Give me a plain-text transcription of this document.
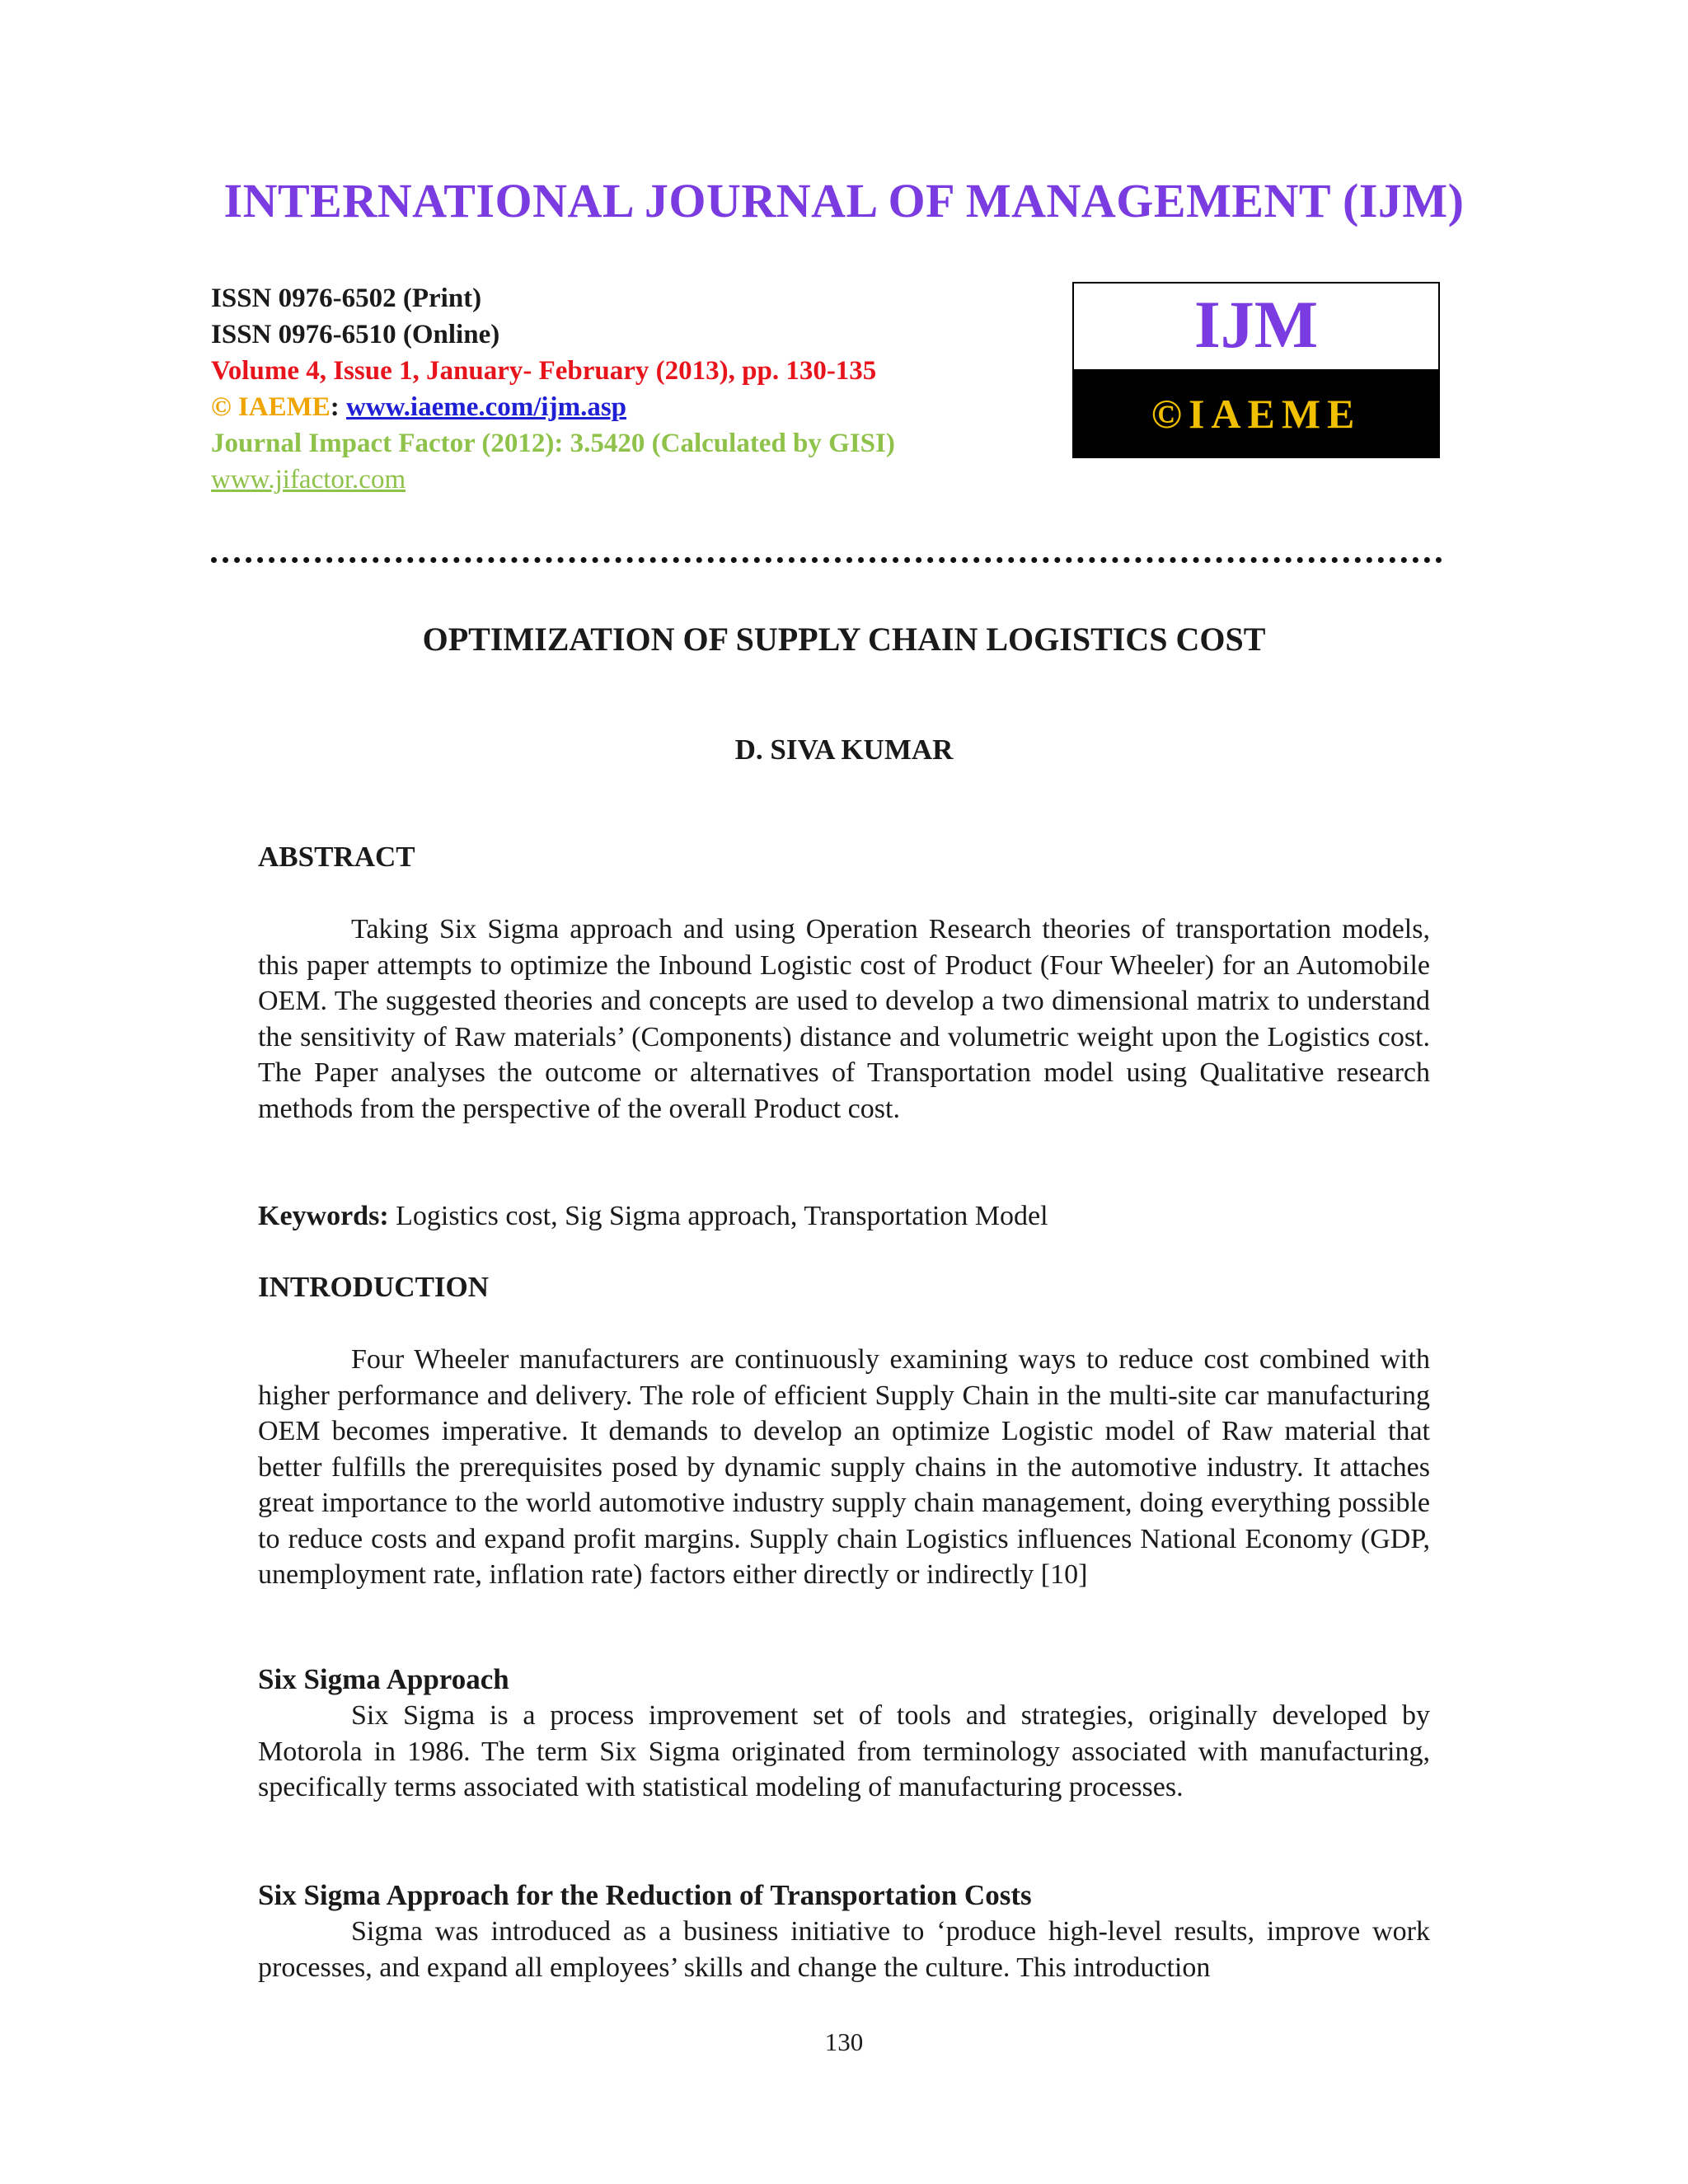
INTERNATIONAL JOURNAL OF MANAGEMENT (IJM)
ISSN 0976-6502 (Print)
ISSN 0976-6510 (Online)
Volume 4, Issue 1, January- February (2013), pp. 130-135
© IAEME: www.iaeme.com/ijm.asp
Journal Impact Factor (2012): 3.5420 (Calculated by GISI)
www.jifactor.com
IJM
©IAEME
OPTIMIZATION OF SUPPLY CHAIN LOGISTICS COST
D. SIVA KUMAR
ABSTRACT
Taking Six Sigma approach and using Operation Research theories of transportation models, this paper attempts to optimize the Inbound Logistic cost of Product (Four Wheeler) for an Automobile OEM. The suggested theories and concepts are used to develop a two dimensional matrix to understand the sensitivity of Raw materials’ (Components) distance and volumetric weight upon the Logistics cost. The Paper analyses the outcome or alternatives of Transportation model using Qualitative research methods from the perspective of the overall Product cost.
Keywords: Logistics cost, Sig Sigma approach, Transportation Model
INTRODUCTION
Four Wheeler manufacturers are continuously examining ways to reduce cost combined with higher performance and delivery. The role of efficient Supply Chain in the multi-site car manufacturing OEM becomes imperative. It demands to develop an optimize Logistic model of Raw material that better fulfills the prerequisites posed by dynamic supply chains in the automotive industry. It attaches great importance to the world automotive industry supply chain management, doing everything possible to reduce costs and expand profit margins. Supply chain Logistics influences National Economy (GDP, unemployment rate, inflation rate) factors either directly or indirectly [10]
Six Sigma Approach
Six Sigma is a process improvement set of tools and strategies, originally developed by Motorola in 1986. The term Six Sigma originated from terminology associated with manufacturing, specifically terms associated with statistical modeling of manufacturing processes.
Six Sigma Approach for the Reduction of Transportation Costs
Sigma was introduced as a business initiative to ‘produce high-level results, improve work processes, and expand all employees’ skills and change the culture. This introduction
130
